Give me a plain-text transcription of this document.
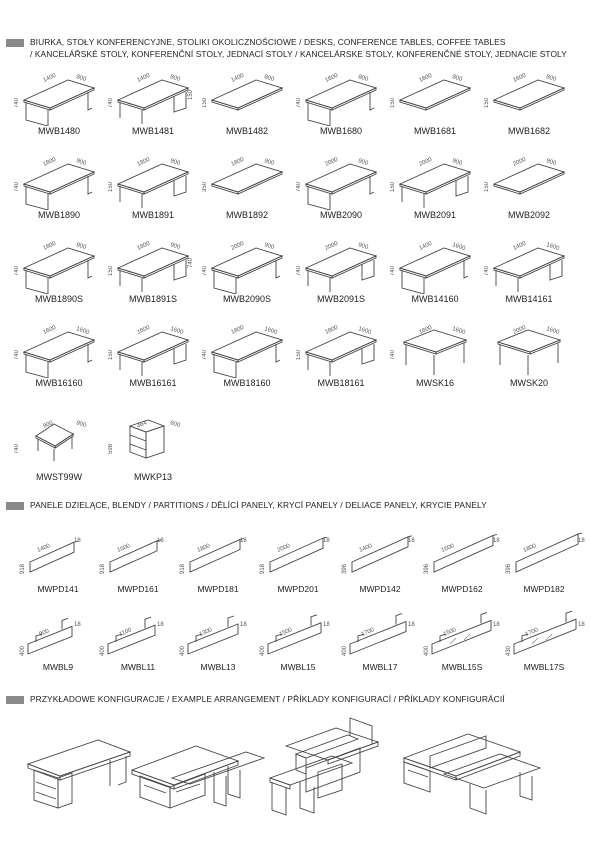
BIURKA, STOŁY KONFERENCYJNE, STOLIKI OKOLICZNOŚCIOWE / DESKS, CONFERENCE TABLES, COFFEE TABLES
/ KANCELÁŘSKÉ STOLY, KONFERENČNÍ STOLY, JEDNACÍ STOLY / KANCELÁRSKE STOLY, KONFERENČNÉ STOLY, JEDNACIE STOLY
PANELE DZIELĄCE, BLENDY / PARTITIONS / DĚLÍCÍ PANELY, KRYCÍ PANELY / DELIACE PANELY, KRYCIE PANELY
PRZYKŁADOWE KONFIGURACJE / EXAMPLE ARRANGEMENT / PŘÍKLADY KONFIGURACÍ / PŘÍKLADY KONFIGURÁCIÍ
1400	800
740
MWB1480
1400	800
740
150
MWB1481
1400	800
150
MWB1482
1600	800
740
MWB1680
1600	800
150
MWB1681
1600	800
150
MWB1682
1800	900
740
MWB1890
1800	900
150
MWB1891
1800	900
350
MWB1892
2000	900
740
MWB2090
2000	900
150
MWB2091
2000	900
150
MWB2092
1800	900
740
MWB1890S
1800	900
150
740
MWB1891S
2000	900
740
MWB2090S
2000	900
740
MWB2091S
1400	1600
740
MWB14160
1400	1600
740
MWB14161
1600	1600
740
MWB16160
1600	1600
150
MWB16161
1800	1600
740
MWB18160
1800	1600
150
MWB18161
1600	1600
740
MWSK16
2000	1600
MWSK20
900	900
740
MWST99W
464	600
598
MWKP13
1400
918
18
MWPD141
1600
918
18
MWPD161
1800
918
18
MWPD181
2000
918
18
MWPD201
1400
396
18
MWPD142
1600
396
18
MWPD162
1800
396
18
MWPD182
900
400
18
MWBL9
1100
400
18
MWBL11
1300
400
18
MWBL13
1500
400
18
MWBL15
1700
400
18
MWBL17
1500
400
18
MWBL15S
1700
430
18
MWBL17S
